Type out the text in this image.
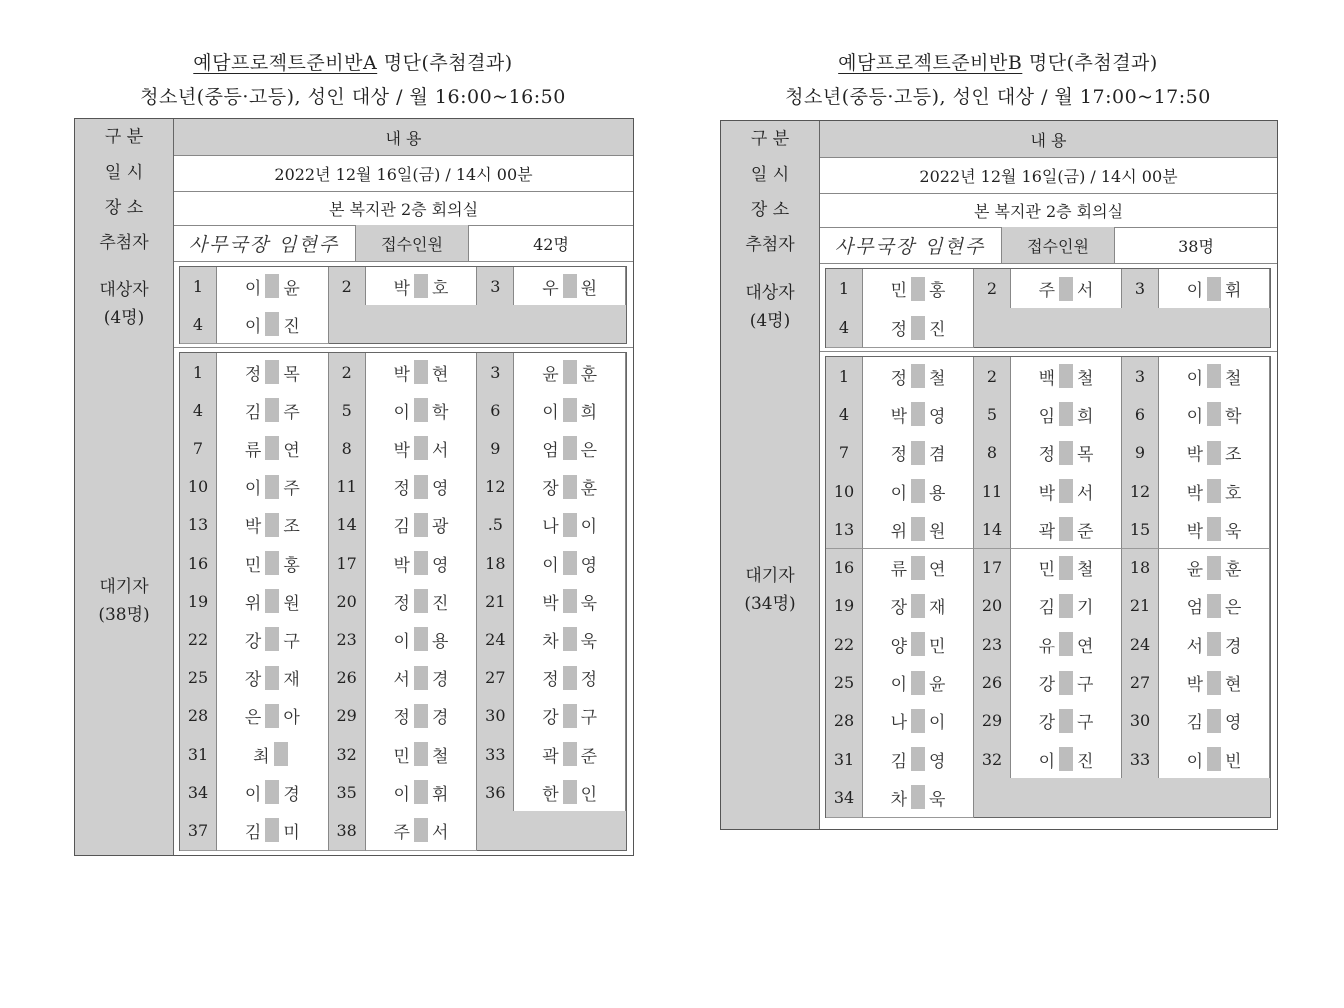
예담프로젝트준비반A 명단(추첨결과)
청소년(중등·고등), 성인 대상 / 월 16:00~16:50
구 분	내 용
일 시	2022년 12월 16일(금) / 14시 00분
장 소	본 복지관 2층 회의실
추첨자	사무국장 임현주	접수인원	42명
대상자
(4명)
1	이 윤	2	박 호	3	우 원
4	이 진
대기자
(38명)
1	정 목	2	박 현	3	윤 훈
4	김 주	5	이 학	6	이 희
7	류 연	8	박 서	9	엄 은
10	이 주	11	정 영	12	장 훈
13	박 조	14	김 광	.5	나 이
16	민 홍	17	박 영	18	이 영
19	위 원	20	정 진	21	박 욱
22	강 구	23	이 용	24	차 욱
25	장 재	26	서 경	27	정 정
28	은 아	29	정 경	30	강 구
31	최	32	민 철	33	곽 준
34	이 경	35	이 휘	36	한 인
37	김 미	38	주 서
예담프로젝트준비반B 명단(추첨결과)
청소년(중등·고등), 성인 대상 / 월 17:00~17:50
구 분	내 용
일 시	2022년 12월 16일(금) / 14시 00분
장 소	본 복지관 2층 회의실
추첨자	사무국장 임현주	접수인원	38명
대상자
(4명)
1	민 홍	2	주 서	3	이 휘
4	정 진
대기자
(34명)
1	정 철	2	백 철	3	이 철
4	박 영	5	임 희	6	이 학
7	정 겸	8	정 목	9	박 조
10	이 용	11	박 서	12	박 호
13	위 원	14	곽 준	15	박 욱
16	류 연	17	민 철	18	윤 훈
19	장 재	20	김 기	21	엄 은
22	양 민	23	유 연	24	서 경
25	이 윤	26	강 구	27	박 현
28	나 이	29	강 구	30	김 영
31	김 영	32	이 진	33	이 빈
34	차 욱
